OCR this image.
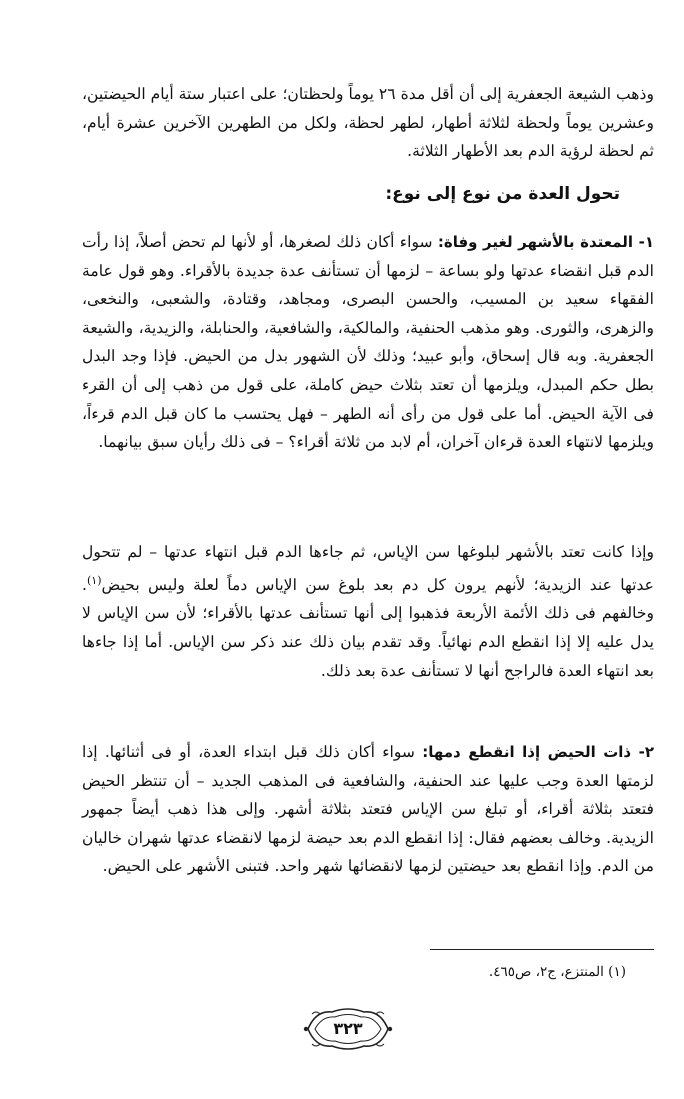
وذهب الشيعة الجعفرية إلى أن أقل مدة ٢٦ يوماً ولحظتان؛ على اعتبار ستة أيام الحيضتين، وعشرين يوماً ولحظة لثلاثة أطهار، لطهر لحظة، ولكل من الطهرين الآخرين عشرة أيام، ثم لحظة لرؤية الدم بعد الأطهار الثلاثة.

تحول العدة من نوع إلى نوع:

١- المعتدة بالأشهر لغير وفاة: سواء أكان ذلك لصغرها، أو لأنها لم تحض أصلاً، إذا رأت الدم قبل انقضاء عدتها ولو بساعة – لزمها أن تستأنف عدة جديدة بالأقراء. وهو قول عامة الفقهاء سعيد بن المسيب، والحسن البصرى، ومجاهد، وقتادة، والشعبى، والنخعى، والزهرى، والثورى. وهو مذهب الحنفية، والمالكية، والشافعية، والحنابلة، والزيدية، والشيعة الجعفرية. وبه قال إسحاق، وأبو عبيد؛ وذلك لأن الشهور بدل من الحيض. فإذا وجد البدل بطل حكم المبدل، ويلزمها أن تعتد بثلاث حيض كاملة، على قول من ذهب إلى أن القرء فى الآية الحيض. أما على قول من رأى أنه الطهر – فهل يحتسب ما كان قبل الدم قرءاً، ويلزمها لانتهاء العدة قرءان آخران، أم لابد من ثلاثة أقراء؟ – فى ذلك رأيان سبق بيانهما.

وإذا كانت تعتد بالأشهر لبلوغها سن الإياس، ثم جاءها الدم قبل انتهاء عدتها – لم تتحول عدتها عند الزيدية؛ لأنهم يرون كل دم بعد بلوغ سن الإياس دماً لعلة وليس بحيض$^{(١)}$. وخالفهم فى ذلك الأئمة الأربعة فذهبوا إلى أنها تستأنف عدتها بالأقراء؛ لأن سن الإياس لا يدل عليه إلا إذا انقطع الدم نهائياً. وقد تقدم بيان ذلك عند ذكر سن الإياس. أما إذا جاءها بعد انتهاء العدة فالراجح أنها لا تستأنف عدة بعد ذلك.

٢- ذات الحيض إذا انقطع دمها: سواء أكان ذلك قبل ابتداء العدة، أو فى أثنائها. إذا لزمتها العدة وجب عليها عند الحنفية، والشافعية فى المذهب الجديد – أن تنتظر الحيض فتعتد بثلاثة أقراء، أو تبلغ سن الإياس فتعتد بثلاثة أشهر. وإلى هذا ذهب أيضاً جمهور الزيدية. وخالف بعضهم فقال: إذا انقطع الدم بعد حيضة لزمها لانقضاء عدتها شهران خاليان من الدم. وإذا انقطع بعد حيضتين لزمها لانقضائها شهر واحد. فتبنى الأشهر على الحيض.

(١) المنتزع، ج٢، ص٤٦٥.
٣٢٣
